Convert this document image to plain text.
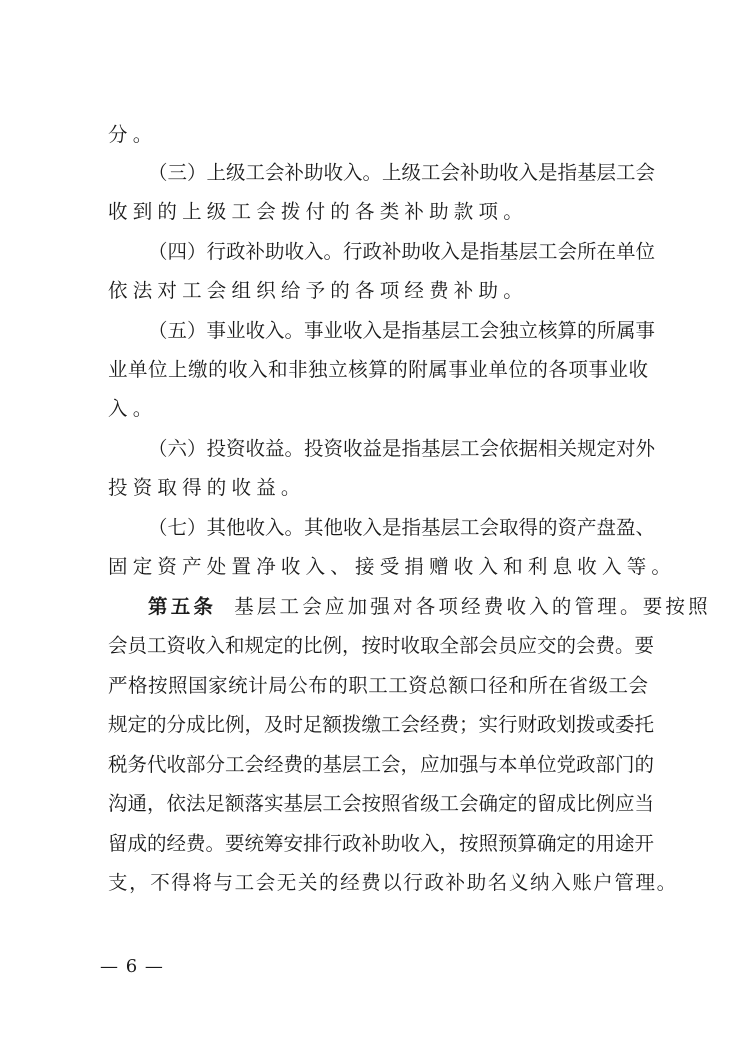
分。
（三）上级工会补助收入。上级工会补助收入是指基层工会
收到的上级工会拨付的各类补助款项。
（四）行政补助收入。行政补助收入是指基层工会所在单位
依法对工会组织给予的各项经费补助。
（五）事业收入。事业收入是指基层工会独立核算的所属事
业单位上缴的收入和非独立核算的附属事业单位的各项事业收
入。
（六）投资收益。投资收益是指基层工会依据相关规定对外
投资取得的收益。
（七）其他收入。其他收入是指基层工会取得的资产盘盈、
固定资产处置净收入、接受捐赠收入和利息收入等。
第五条 基层工会应加强对各项经费收入的管理。要按照
会员工资收入和规定的比例，按时收取全部会员应交的会费。要
严格按照国家统计局公布的职工工资总额口径和所在省级工会
规定的分成比例，及时足额拨缴工会经费；实行财政划拨或委托
税务代收部分工会经费的基层工会，应加强与本单位党政部门的
沟通，依法足额落实基层工会按照省级工会确定的留成比例应当
留成的经费。要统筹安排行政补助收入，按照预算确定的用途开
支，不得将与工会无关的经费以行政补助名义纳入账户管理。
— 6 —
